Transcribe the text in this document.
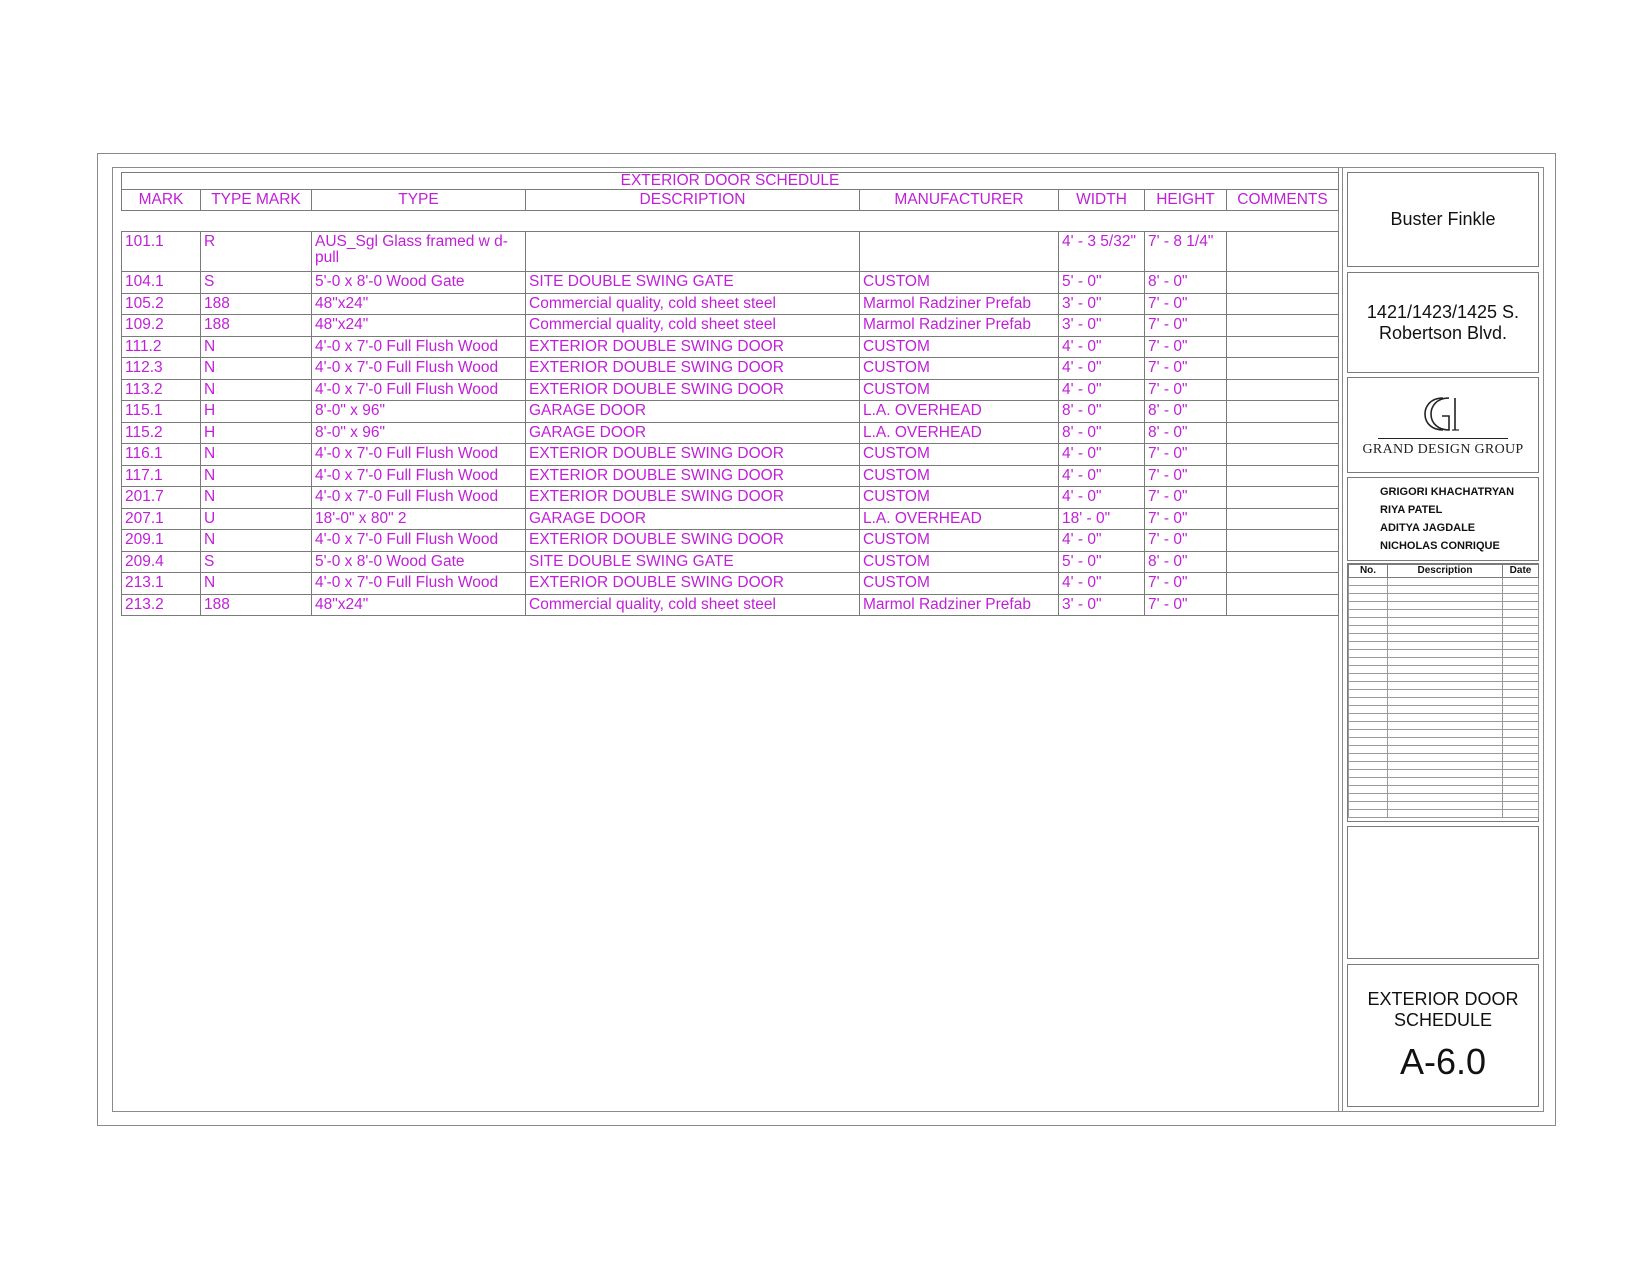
EXTERIOR DOOR SCHEDULE							
MARK	TYPE MARK	TYPE	DESCRIPTION	MANUFACTURER	WIDTH	HEIGHT	COMMENTS

101.1	R	AUS_Sgl Glass framed w d-pull			4' - 3 5/32"	7' - 8 1/4"	
104.1	S	5'-0 x 8'-0 Wood Gate	SITE DOUBLE SWING GATE	CUSTOM	5' - 0"	8' - 0"	
105.2	188	48"x24"	Commercial quality, cold sheet steel	Marmol Radziner Prefab	3' - 0"	7' - 0"	
109.2	188	48"x24"	Commercial quality, cold sheet steel	Marmol Radziner Prefab	3' - 0"	7' - 0"	
111.2	N	4'-0 x 7'-0 Full Flush Wood	EXTERIOR DOUBLE SWING DOOR	CUSTOM	4' - 0"	7' - 0"	
112.3	N	4'-0 x 7'-0 Full Flush Wood	EXTERIOR DOUBLE SWING DOOR	CUSTOM	4' - 0"	7' - 0"	
113.2	N	4'-0 x 7'-0 Full Flush Wood	EXTERIOR DOUBLE SWING DOOR	CUSTOM	4' - 0"	7' - 0"	
115.1	H	8'-0" x 96"	GARAGE DOOR	L.A. OVERHEAD	8' - 0"	8' - 0"	
115.2	H	8'-0" x 96"	GARAGE DOOR	L.A. OVERHEAD	8' - 0"	8' - 0"	
116.1	N	4'-0 x 7'-0 Full Flush Wood	EXTERIOR DOUBLE SWING DOOR	CUSTOM	4' - 0"	7' - 0"	
117.1	N	4'-0 x 7'-0 Full Flush Wood	EXTERIOR DOUBLE SWING DOOR	CUSTOM	4' - 0"	7' - 0"	
201.7	N	4'-0 x 7'-0 Full Flush Wood	EXTERIOR DOUBLE SWING DOOR	CUSTOM	4' - 0"	7' - 0"	
207.1	U	18'-0" x 80" 2	GARAGE DOOR	L.A. OVERHEAD	18' - 0"	7' - 0"	
209.1	N	4'-0 x 7'-0 Full Flush Wood	EXTERIOR DOUBLE SWING DOOR	CUSTOM	4' - 0"	7' - 0"	
209.4	S	5'-0 x 8'-0 Wood Gate	SITE DOUBLE SWING GATE	CUSTOM	5' - 0"	8' - 0"	
213.1	N	4'-0 x 7'-0 Full Flush Wood	EXTERIOR DOUBLE SWING DOOR	CUSTOM	4' - 0"	7' - 0"	
213.2	188	48"x24"	Commercial quality, cold sheet steel	Marmol Radziner Prefab	3' - 0"	7' - 0"	
Buster Finkle
1421/1423/1425 S.
Robertson Blvd.
GRAND DESIGN GROUP
GRIGORI KHACHATRYAN
RIYA PATEL
ADITYA JAGDALE
NICHOLAS CONRIQUE
No.	Description	Date

EXTERIOR DOOR
SCHEDULE
A-6.0
